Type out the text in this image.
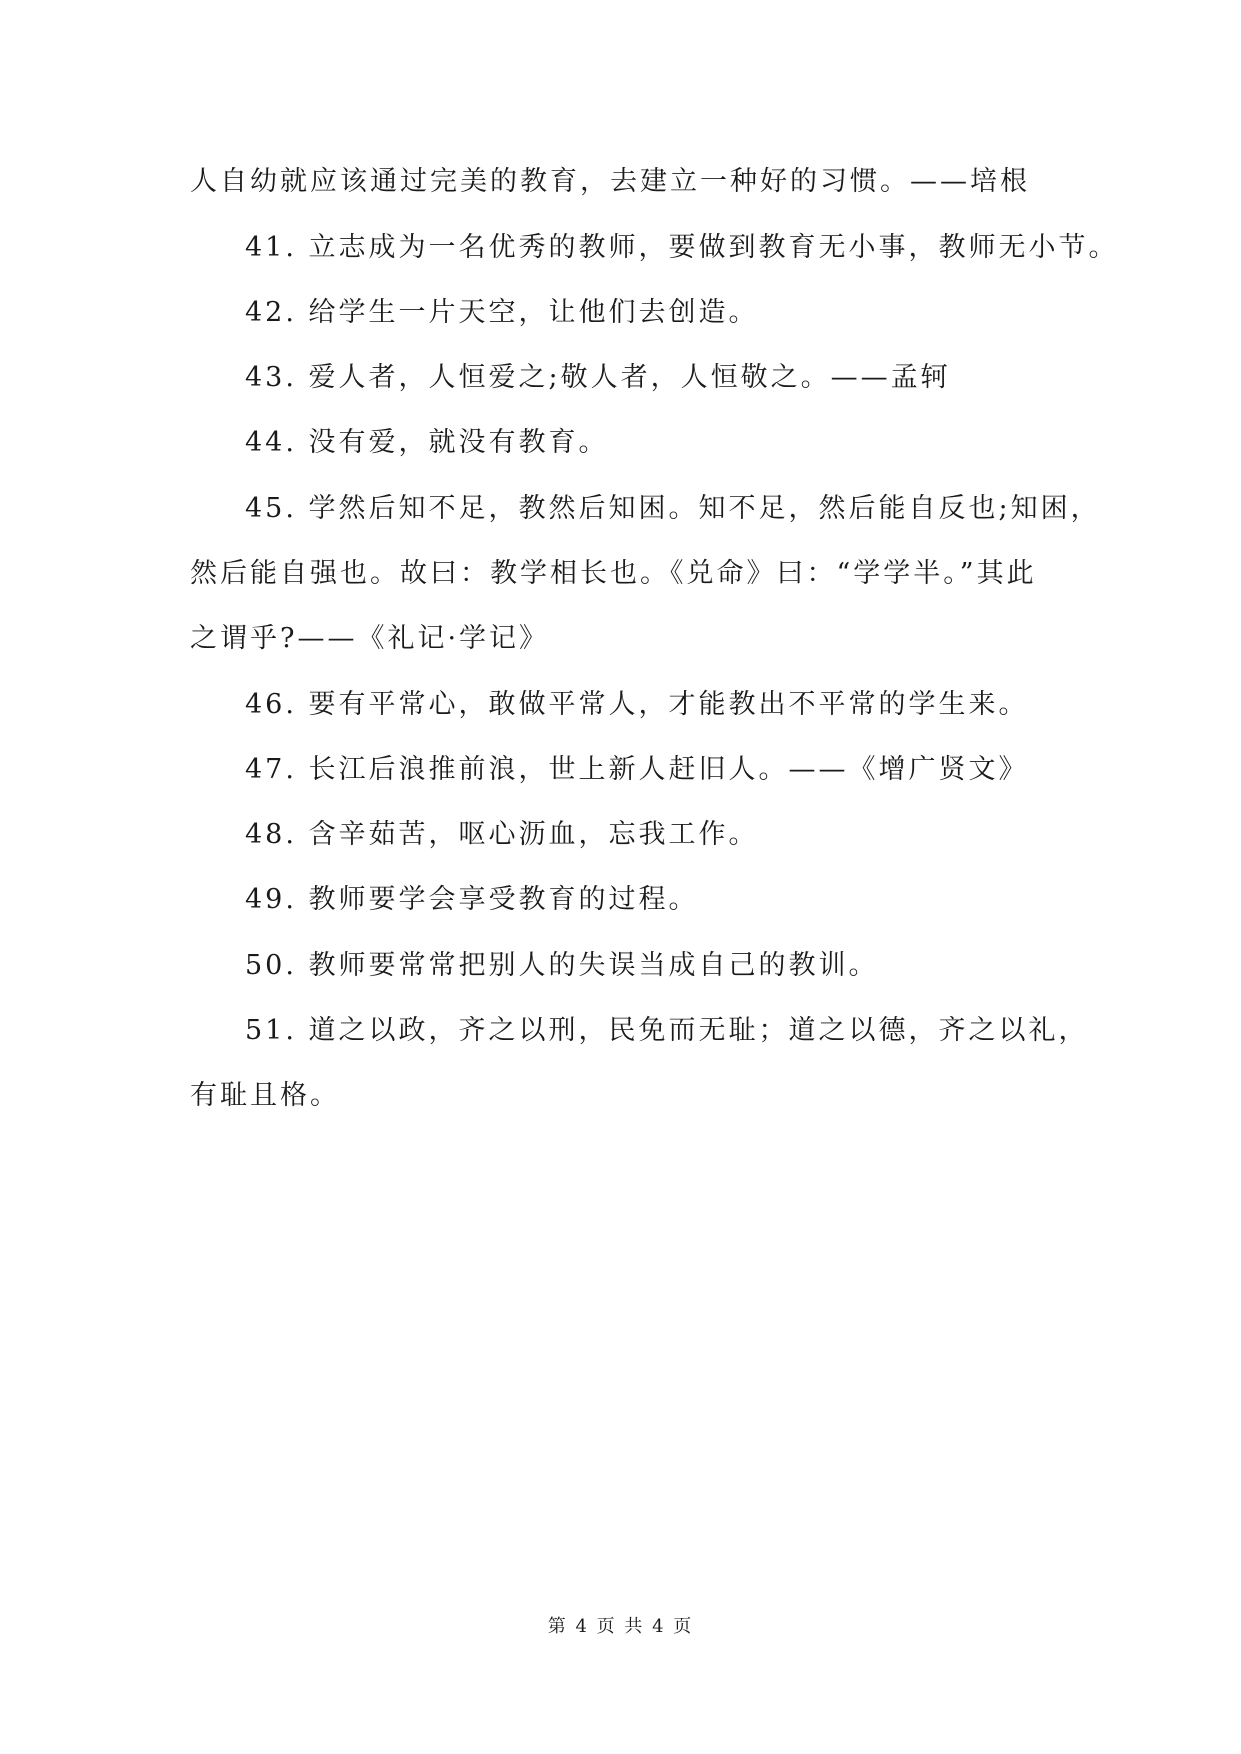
人自幼就应该通过完美的教育，去建立一种好的习惯。——培根
41. 立志成为一名优秀的教师，要做到教育无小事，教师无小节。
42. 给学生一片天空，让他们去创造。
43. 爱人者，人恒爱之;敬人者，人恒敬之。——孟轲
44. 没有爱，就没有教育。
45. 学然后知不足，教然后知困。知不足，然后能自反也;知困，
然后能自强也。故曰：教学相长也。《兑命》曰：“学学半。”其此
之谓乎?——《礼记·学记》
46. 要有平常心，敢做平常人，才能教出不平常的学生来。
47. 长江后浪推前浪，世上新人赶旧人。——《增广贤文》
48. 含辛茹苦，呕心沥血，忘我工作。
49. 教师要学会享受教育的过程。
50. 教师要常常把别人的失误当成自己的教训。
51. 道之以政，齐之以刑，民免而无耻；道之以德，齐之以礼，
有耻且格。
第 4 页 共 4 页
